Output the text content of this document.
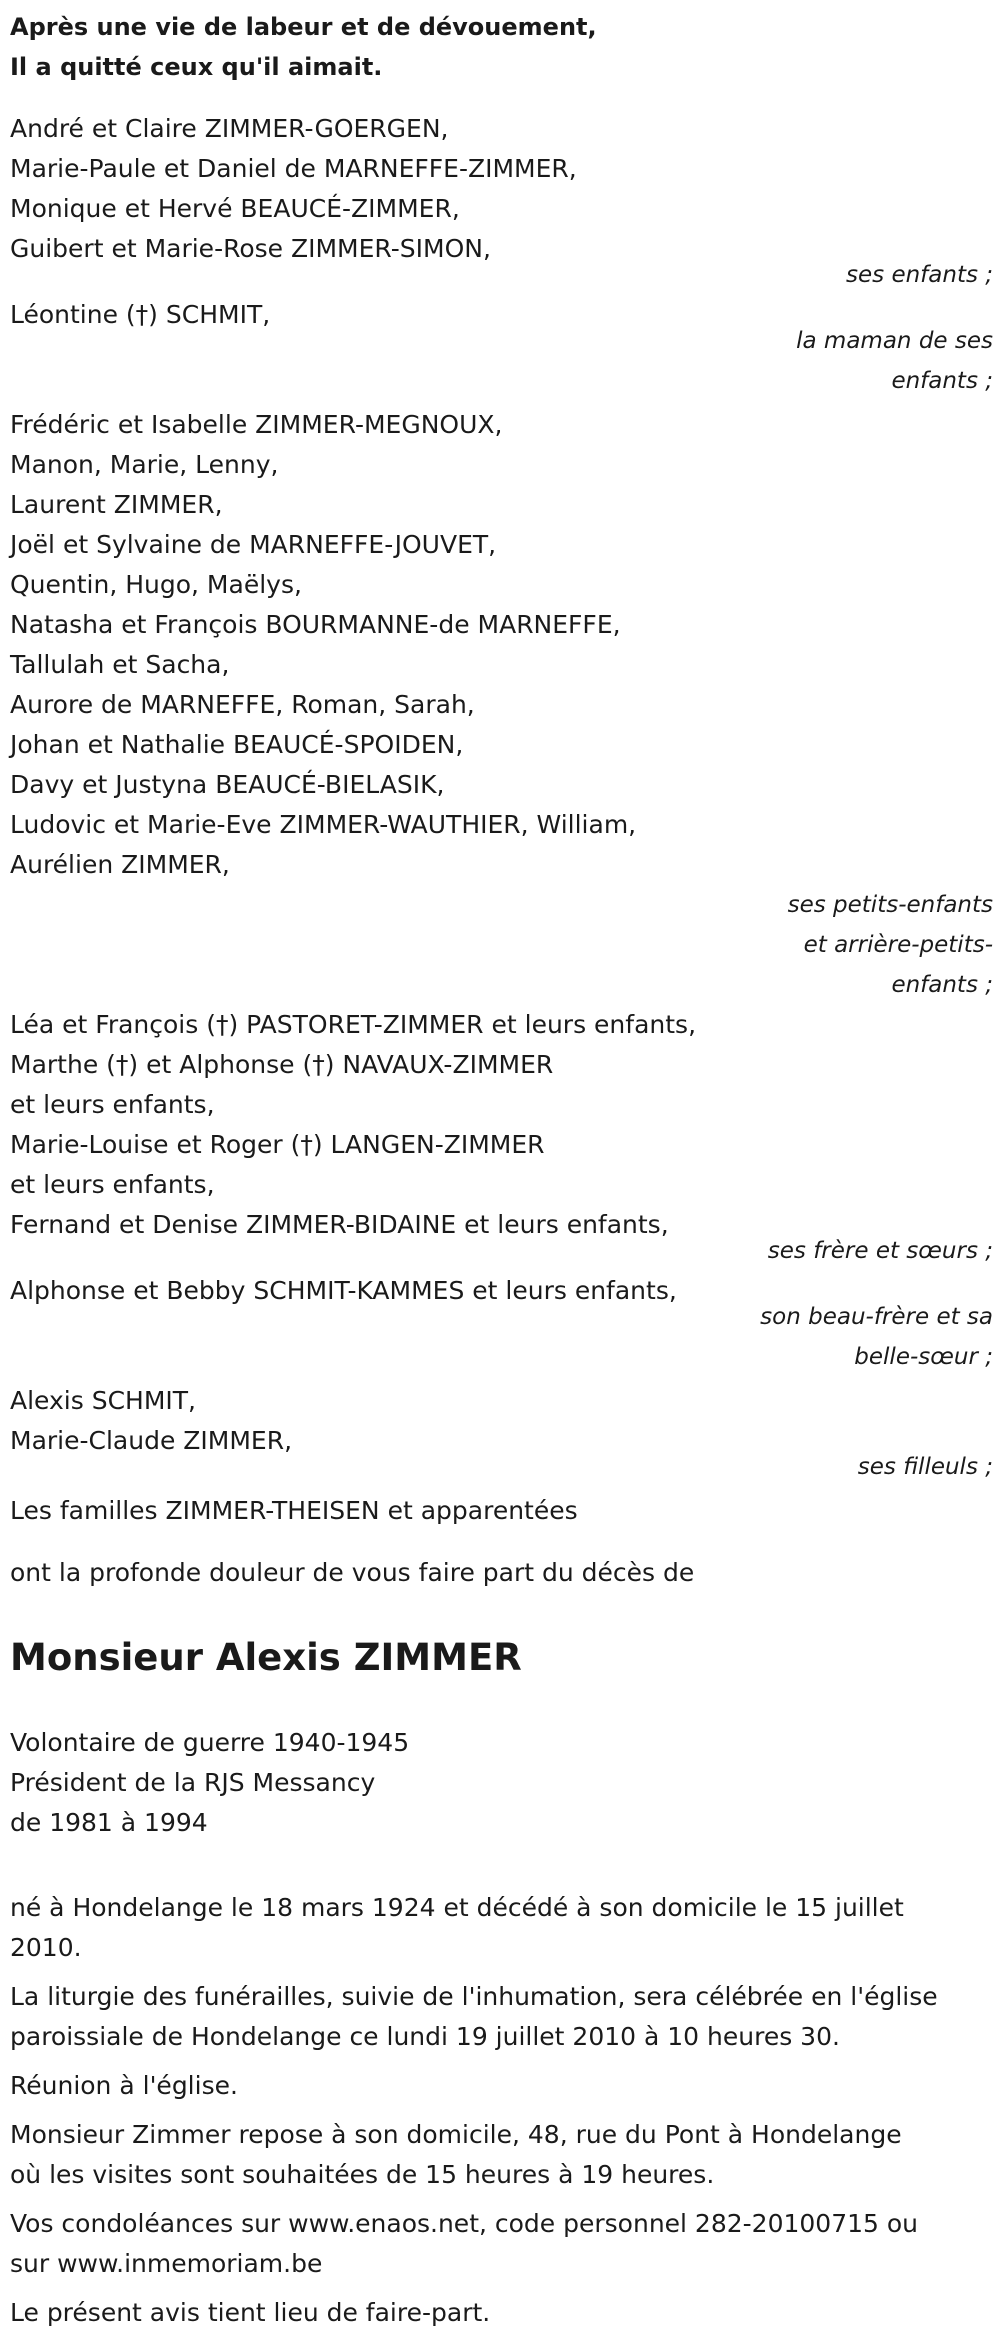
Après une vie de labeur et de dévouement,
Il a quitté ceux qu'il aimait.
André et Claire ZIMMER-GOERGEN,
Marie-Paule et Daniel de MARNEFFE-ZIMMER,
Monique et Hervé BEAUCÉ-ZIMMER,
Guibert et Marie-Rose ZIMMER-SIMON,
ses enfants ;
Léontine (†) SCHMIT,
la maman de ses
enfants ;
Frédéric et Isabelle ZIMMER-MEGNOUX,
Manon, Marie, Lenny,
Laurent ZIMMER,
Joël et Sylvaine de MARNEFFE-JOUVET,
Quentin, Hugo, Maëlys,
Natasha et François BOURMANNE-de MARNEFFE,
Tallulah et Sacha,
Aurore de MARNEFFE, Roman, Sarah,
Johan et Nathalie BEAUCÉ-SPOIDEN,
Davy et Justyna BEAUCÉ-BIELASIK,
Ludovic et Marie-Eve ZIMMER-WAUTHIER, William,
Aurélien ZIMMER,
ses petits-enfants
et arrière-petits-
enfants ;
Léa et François (†) PASTORET-ZIMMER et leurs enfants,
Marthe (†) et Alphonse (†) NAVAUX-ZIMMER
et leurs enfants,
Marie-Louise et Roger (†) LANGEN-ZIMMER
et leurs enfants,
Fernand et Denise ZIMMER-BIDAINE et leurs enfants,
ses frère et sœurs ;
Alphonse et Bebby SCHMIT-KAMMES et leurs enfants,
son beau-frère et sa
belle-sœur ;
Alexis SCHMIT,
Marie-Claude ZIMMER,
ses filleuls ;
Les familles ZIMMER-THEISEN et apparentées
ont la profonde douleur de vous faire part du décès de
Monsieur Alexis ZIMMER
Volontaire de guerre 1940-1945
Président de la RJS Messancy
de 1981 à 1994
né à Hondelange le 18 mars 1924 et décédé à son domicile le 15 juillet
2010.
La liturgie des funérailles, suivie de l'inhumation, sera célébrée en l'église
paroissiale de Hondelange ce lundi 19 juillet 2010 à 10 heures 30.
Réunion à l'église.
Monsieur Zimmer repose à son domicile, 48, rue du Pont à Hondelange
où les visites sont souhaitées de 15 heures à 19 heures.
Vos condoléances sur www.enaos.net, code personnel 282-20100715 ou
sur www.inmemoriam.be
Le présent avis tient lieu de faire-part.
